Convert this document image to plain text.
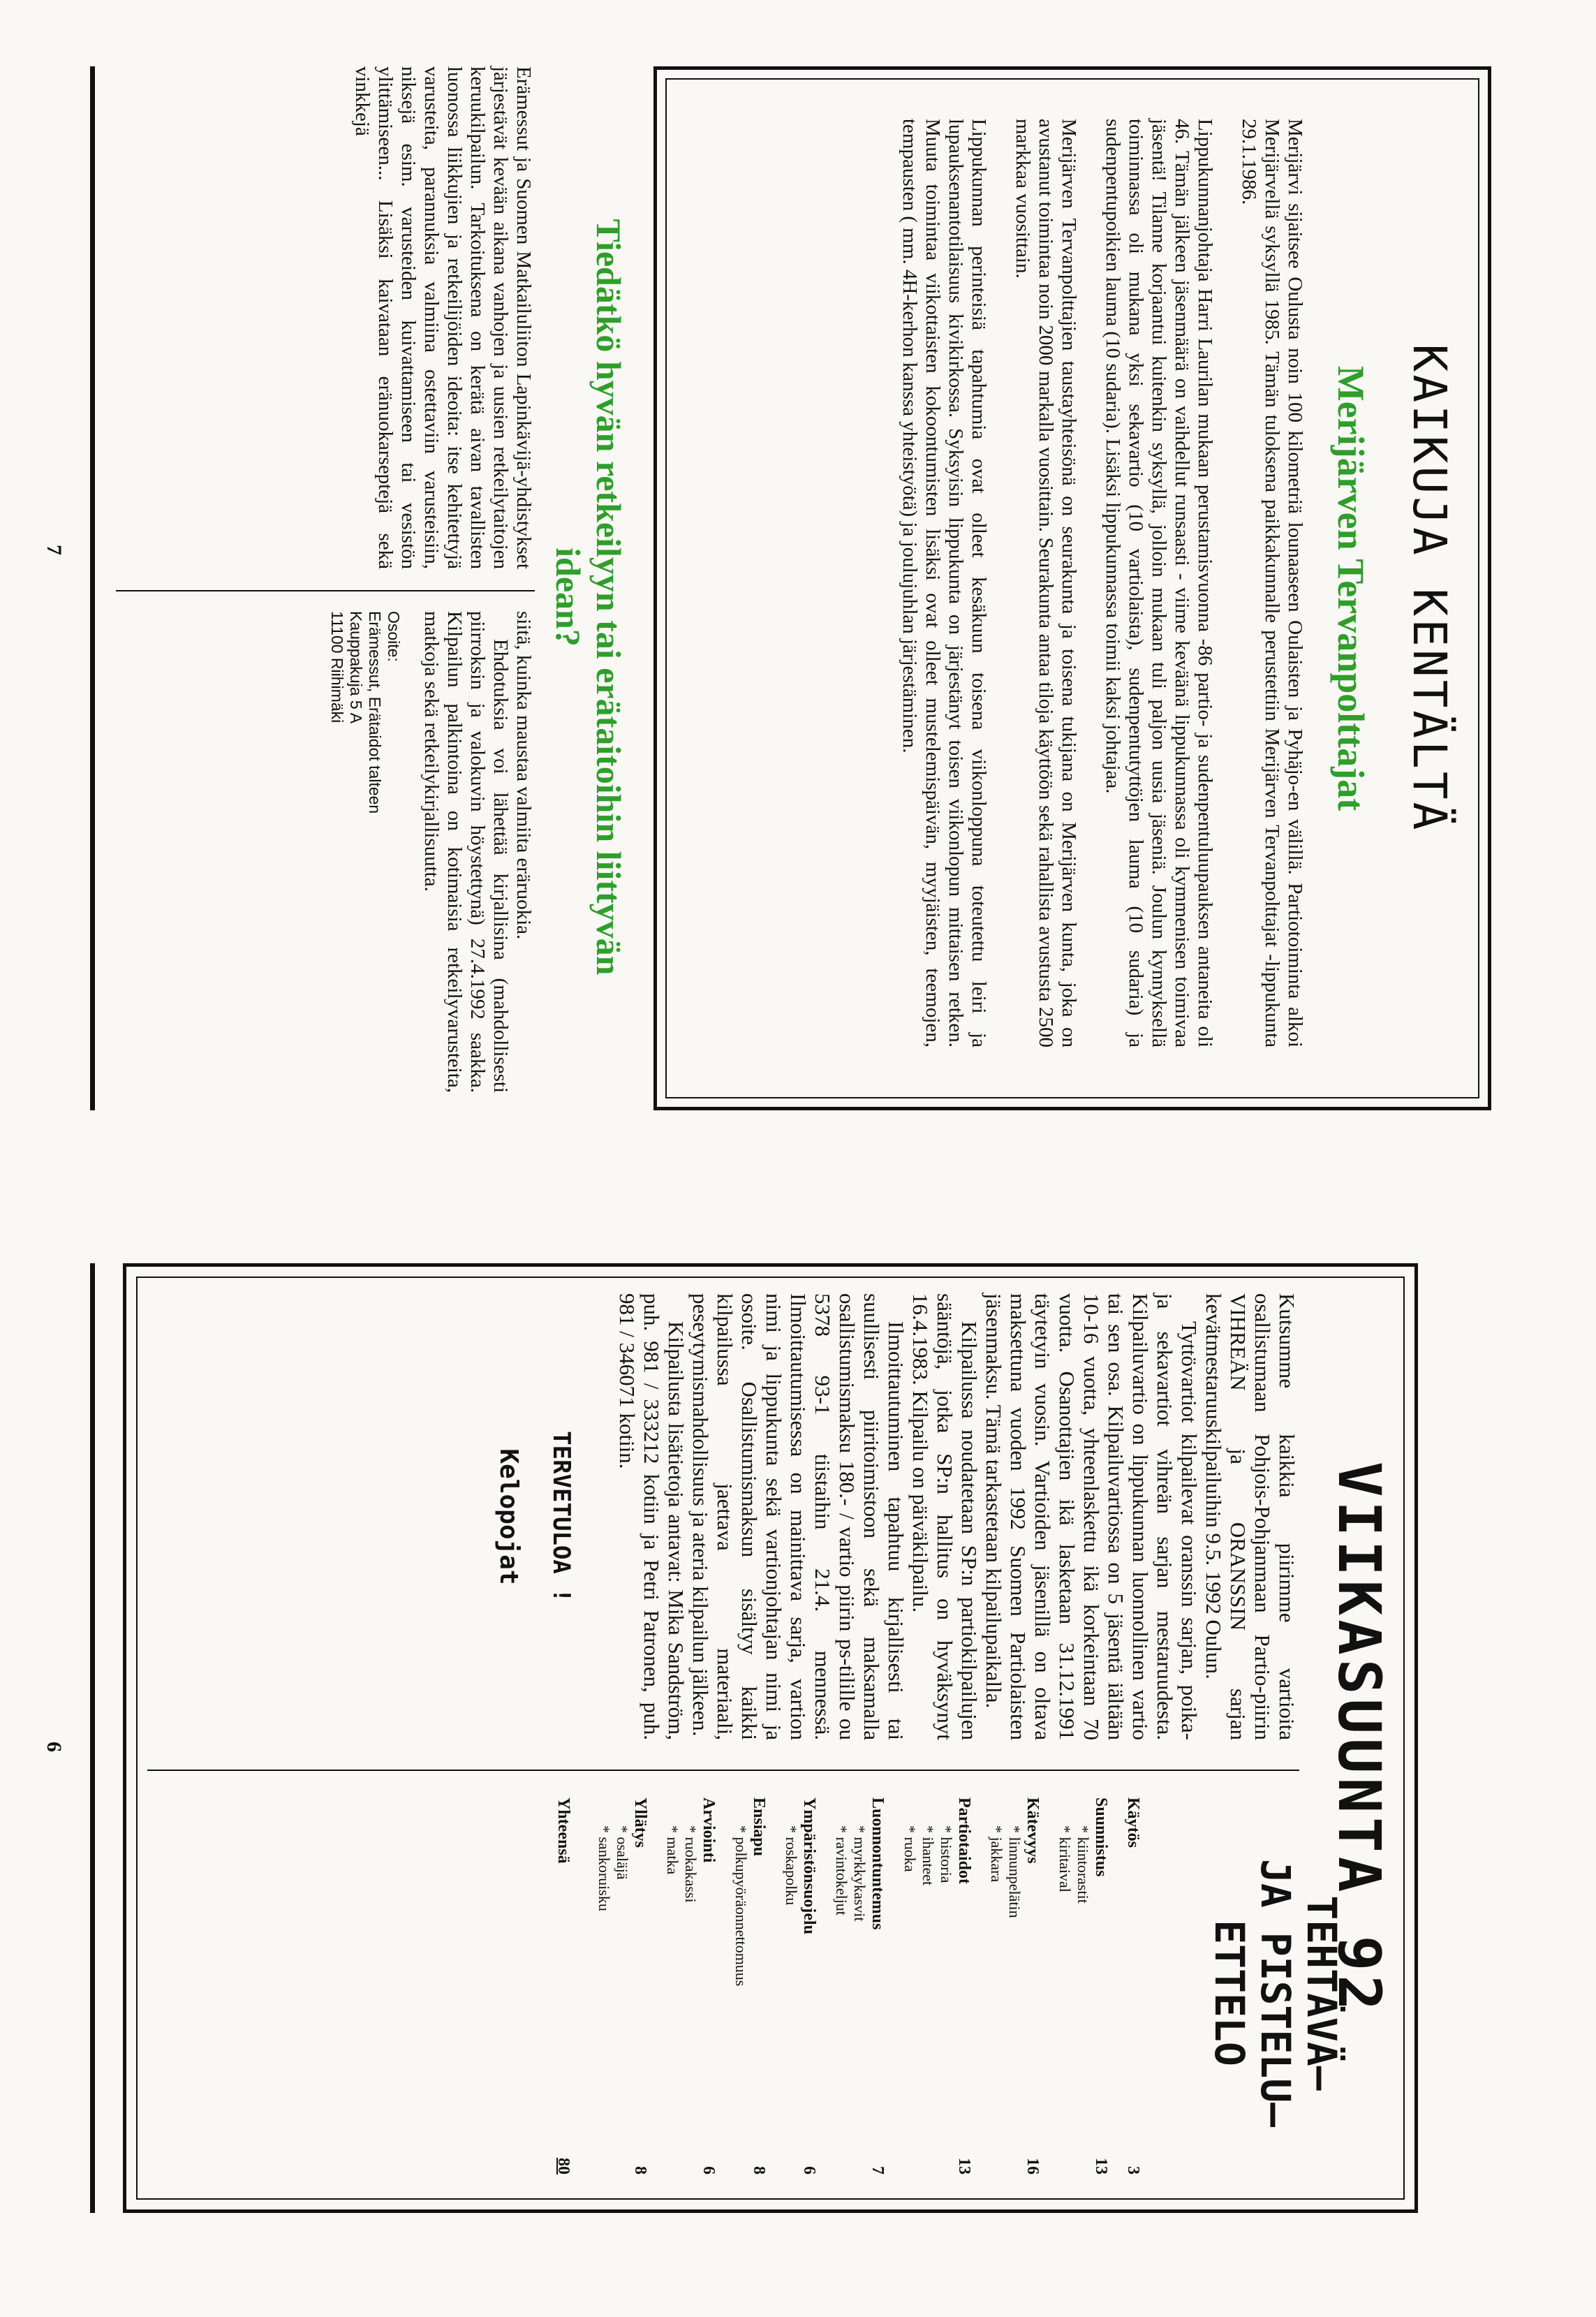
VIIKASUUNTA 92

Kutsumme kaikkia piirimme vartioita osallistumaan Pohjois-Pohjanmaan Partio-piirin VIHREÄN ja ORANSSIN sarjan kevätmestaruuskilpailuihin 9.5. 1992 Oulun.

Tyttövartiot kilpailevat oranssin sarjan, poika- ja sekavartiot vihreän sarjan mestaruudesta. Kilpailuvartio on lippukunnan luonnollinen vartio tai sen osa. Kilpailuvartiossa on 5 jäsentä iältään 10-16 vuotta, yhteenlaskettu ikä korkeintaan 70 vuotta. Osanottajien ikä lasketaan 31.12.1991 täytetyin vuosin. Vartioiden jäsenillä on oltava maksettuna vuoden 1992 Suomen Partiolaisten jäsenmaksu. Tämä tarkastetaan kilpailupaikalla.

Kilpailussa noudatetaan SP:n partiokilpailujen sääntöjä, jotka SP:n hallitus on hyväksynyt 16.4.1983. Kilpailu on päiväkilpailu.

Ilmoittautuminen tapahtuu kirjallisesti tai suullisesti piiritoimistoon sekä maksamalla osallistumismaksu 180.- / vartio piirin ps-tilille ou 5378 93-1 tiistaihin 21.4. mennessä. Ilmoittautumisessa on mainittava sarja, vartion nimi ja lippukunta sekä vartionjohtajan nimi ja osoite. Osallistumismaksun sisältyy kaikki kilpailussa jaettava materiaali, peseytymismahdollisuus ja ateria kilpailun jälkeen.

Kilpailusta lisätietoja antavat: Mika Sandström, puh. 981 / 333212 kotiin ja Petri Patronen, puh. 981 / 346071 kotiin.

TERVETULOA !
Kelopojat
TEHTÄVÄ–
JA PISTELU–
ETTELO
Käytös
3
Suunnistus
13
* kiintorastit
* kiritaival
Kätevyys
16
* linnunpelätin
* jakkara
Partiotaidot
13
* historia
* ihanteet
* ruoka
Luonnontuntemus
7
* myrkkykasvit
* ravintokeljut
Ympäristönsuojelu
6
* roskapolku
Ensiapu
8
* polkupyöräonnettomuus
Arviointi
6
* ruokakassi
* matka
Yllätys
8
* osaläjä
* sankoruisku
Yhteensä
80
6
KAIKUJA KENTÄLTÄ
Merijärven Tervanpolttajat

Merijärvi sijaitsee Oulusta noin 100 kilometriä lounaaseen Oulaisten ja Pyhäjo-en välillä. Partiotoiminta alkoi Merijärvellä syksyllä 1985. Tämän tuloksena paikkakunnalle perustettiin Merijärven Tervanpolttajat -lippukunta 29.1.1986.

Lippukunnanjohtaja Harri Laurilan mukaan perustamisvuonna -86 partio- ja sudenpentuluupauksen antaneita oli 46. Tämän jälkeen jäsenmäärä on vaihdellut runsaasti - viime keväänä lippukunnassa oli kymmenisen toimivaa jäsentä! Tilanne korjaantui kuitenkin syksyllä, jolloin mukaan tuli paljon uusia jäseniä. Joulun kynnyksellä toiminnassa oli mukana yksi sekavartio (10 vartiolaista), sudenpentutyttöjen lauma (10 sudaria) ja sudenpentupoikien lauma (10 sudaria). Lisäksi lippukunnassa toimii kaksi johtajaa.

Merijärven Tervanpolttajien taustayhteisönä on seurakunta ja toisena tukijana on Merijärven kunta, joka on avustanut toimintaa noin 2000 markalla vuosittain. Seurakunta antaa tiloja käyttöön sekä rahallista avustusta 2500 markkaa vuosittain.

Lippukunnan perinteisiä tapahtumia ovat olleet kesäkuun toisena viikonloppuna toteutettu leiri ja lupauksenantotilaisuus kivikirkossa. Syksyisin lippukunta on järjestänyt toisen viikonlopun mittaisen retken. Muuta toimintaa viikottaisten kokoontumisten lisäksi ovat olleet mustelemispäivän, myyjäisten, teemojen, tempausten ( mm. 4H-kerhon kanssa yhteistyötä) ja joulujuhlan järjestäminen.

Tiedätkö hyvän retkeilyyn tai erätaitoihin liittyvän idean?

Erämessut ja Suomen Matkailuliiton Lapinkävijä-yhdistykset järjestävät kevään aikana vanhojen ja uusien retkeilytaitojen keruukilpailun. Tarkoituksena on kerätä aivan tavallisten luonossa liikkujien ja retkeilijöiden ideoita: itse kehitettyjä varusteita, parannuksia valmiina ostettaviin varusteisiin, niksejä esim. varusteiden kuivattamiseen tai vesistön ylittämiseen... Lisäksi kaivataan eränuokarseptejä sekä vinkkejä

siitä, kuinka maustaa valmiita eräruokia.

Ehdotuksia voi lähettää kirjallisina (mahdollisesti piirroksin ja valokuvin höystettynä) 27.4.1992 saakka. Kilpailun palkintoina on kotimaisia retkeilyvarusteita, matkoja sekä retkeilykirjallisuutta.

Osoite:
Erämessut, Erätaidot talteen
Kauppakuja 5 A
11100 Riihimäki
7
